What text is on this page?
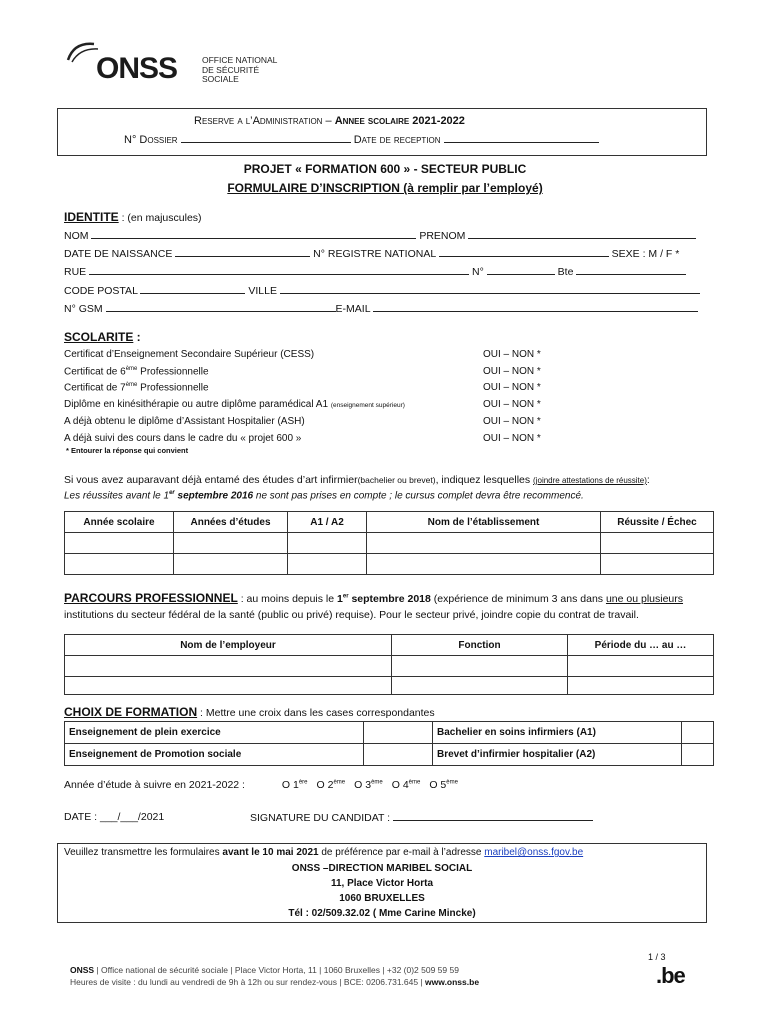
ONSS	OFFICE NATIONAL
DE SÉCURITÉ
SOCIALE
Reserve a l’Administration – Annee scolaire 2021-2022
N° Dossier	Date de reception
PROJET « FORMATION 600 » - SECTEUR PUBLIC
FORMULAIRE D’INSCRIPTION (à remplir par l’employé)
IDENTITE : (en majuscules)
NOM	PRENOM
DATE DE NAISSANCE	N° REGISTRE NATIONAL	SEXE : M / F *
RUE	N°	Bte
CODE POSTAL	VILLE
N° GSM	E-MAIL
SCOLARITE :
Certificat d’Enseignement Secondaire Supérieur (CESS)	OUI – NON *
Certificat de 6ème Professionnelle	OUI – NON *
Certificat de 7ème Professionnelle	OUI – NON *
Diplôme en kinésithérapie ou autre diplôme paramédical A1 (enseignement supérieur)	OUI – NON *
A déjà obtenu le diplôme d’Assistant Hospitalier (ASH)	OUI – NON *
A déjà suivi des cours dans le cadre du « projet 600 »	OUI – NON *
* Entourer la réponse qui convient
Si vous avez auparavant déjà entamé des études d’art infirmier(bachelier ou brevet), indiquez lesquelles (joindre attestations de réussite):
Les réussites avant le 1er septembre 2016 ne sont pas prises en compte ; le cursus complet devra être recommencé.
Année scolaire	Années d’études	A1 / A2	Nom de l’établissement	Réussite / Échec

PARCOURS PROFESSIONNEL : au moins depuis le 1er septembre 2018 (expérience de minimum 3 ans dans une ou plusieurs
institutions du secteur fédéral de la santé (public ou privé) requise). Pour le secteur privé, joindre copie du contrat de travail.
Nom de l’employeur	Fonction	Période du … au …

CHOIX DE FORMATION : Mettre une croix dans les cases correspondantes
Enseignement de plein exercice		Bachelier en soins infirmiers (A1)	
Enseignement de Promotion sociale		Brevet d’infirmier hospitalier (A2)	
Année d’étude à suivre en 2021-2022 :	O 1ère O 2ème O 3ème O 4ème O 5ème
DATE : ___/___/2021	SIGNATURE DU CANDIDAT :
Veuillez transmettre les formulaires avant le 10 mai 2021 de préférence par e-mail à l’adresse maribel@onss.fgov.be
ONSS –DIRECTION MARIBEL SOCIAL
11, Place Victor Horta
1060 BRUXELLES
Tél : 02/509.32.02 ( Mme Carine Mincke)
1 / 3
ONSS | Office national de sécurité sociale | Place Victor Horta, 11 | 1060 Bruxelles | +32 (0)2 509 59 59
Heures de visite : du lundi au vendredi de 9h à 12h ou sur rendez-vous | BCE: 0206.731.645 | www.onss.be	.be
